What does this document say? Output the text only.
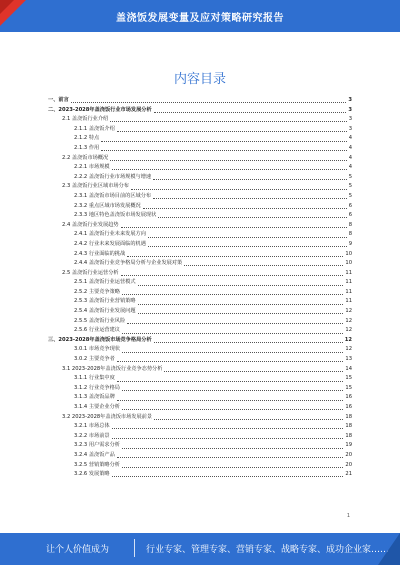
盖浇饭发展变量及应对策略研究报告
内容目录
一、前言	3
二、2023-2028年盖浇饭行业市场发展分析	3
2.1 盖浇饭行业介绍	3
2.1.1 盖浇饭介绍	3
2.1.2 特点	4
2.1.3 作用	4
2.2 盖浇饭市场概况	4
2.2.1 市场规模	4
2.2.2 盖浇饭行业市场规模与增速	5
2.3 盖浇饭行业区域市场分布	5
2.3.1 盖浇饭市场目前的区域分布	5
2.3.2 重点区域市场发展概况	6
2.3.3 地区特色盖浇饭市场发展现状	6
2.4 盖浇饭行业发展趋势	8
2.4.1 盖浇饭行业未来发展方向	8
2.4.2 行业未来发展面临的机遇	9
2.4.3 行业面临的挑战	10
2.4.4 盖浇饭行业竞争格局分析与企业发展对策	10
2.5 盖浇饭行业运营分析	11
2.5.1 盖浇饭行业运营模式	11
2.5.2 主要竞争策略	11
2.5.3 盖浇饭行业营销策略	11
2.5.4 盖浇饭行业发展问题	12
2.5.5 盖浇饭行业风险	12
2.5.6 行业运营建议	12
三、2023-2028年盖浇饭市场竞争格局分析	12
3.0.1 市场竞争现状	12
3.0.2 主要竞争者	13
3.1 2023-2028年盖浇饭行业竞争态势分析	14
3.1.1 行业集中度	15
3.1.2 行业竞争格局	15
3.1.3 盖浇饭品牌	16
3.1.4 主要企业分析	16
3.2 2023-2028年盖浇饭市场发展前景	18
3.2.1 市场总体	18
3.2.2 市场前景	18
3.2.3 用户需求分析	19
3.2.4 盖浇饭产品	20
3.2.5 营销策略分析	20
3.2.6 发展策略	21
1
让个人价值成为	行业专家、管理专家、营销专家、战略专家、成功企业家……
